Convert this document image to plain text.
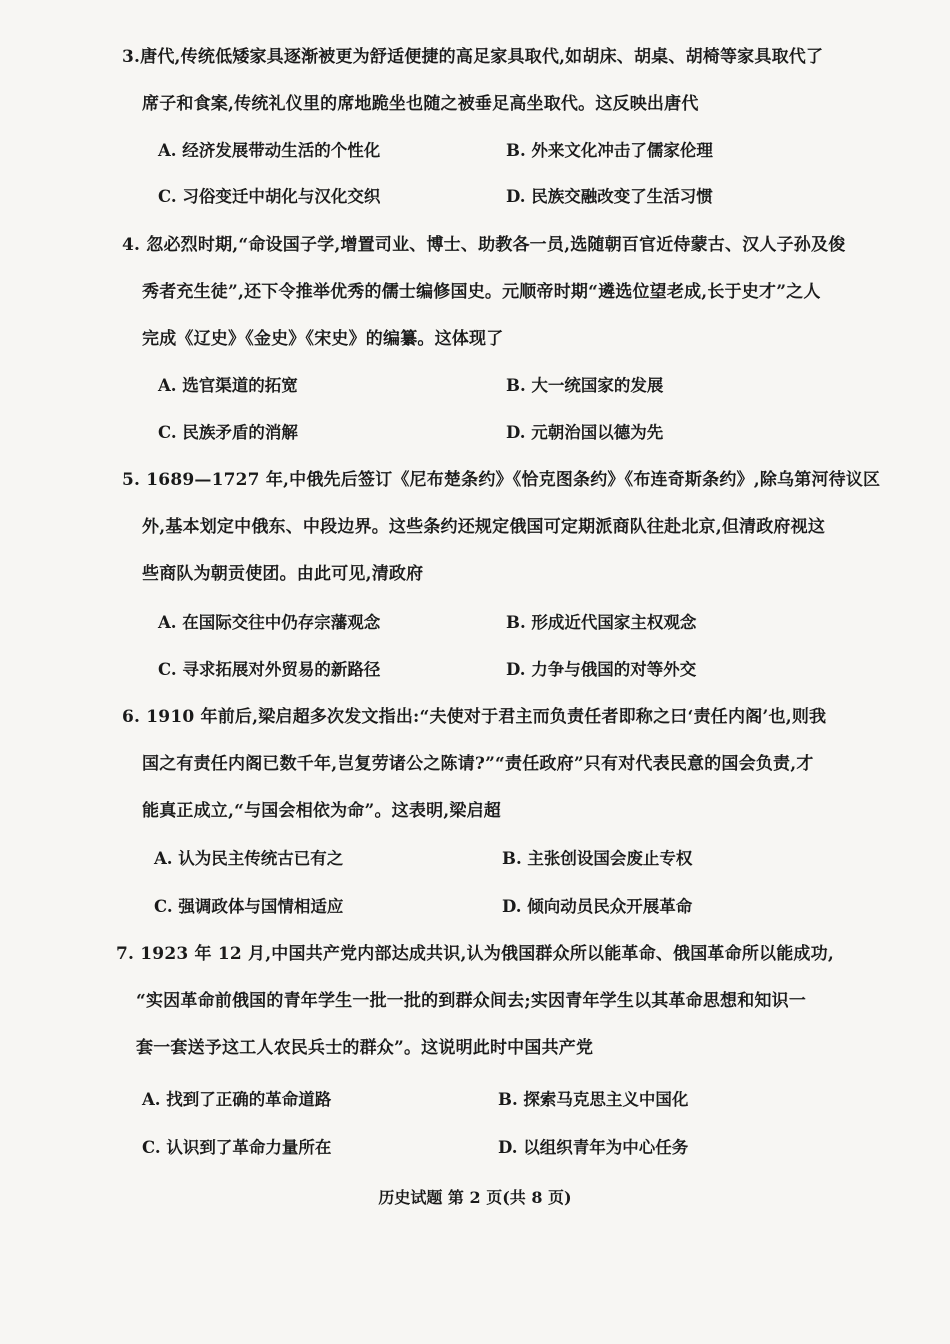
3.唐代,传统低矮家具逐渐被更为舒适便捷的高足家具取代,如胡床、胡桌、胡椅等家具取代了
席子和食案,传统礼仪里的席地跪坐也随之被垂足高坐取代。这反映出唐代
A. 经济发展带动生活的个性化	B. 外来文化冲击了儒家伦理
C. 习俗变迁中胡化与汉化交织	D. 民族交融改变了生活习惯
4. 忽必烈时期,“命设国子学,增置司业、博士、助教各一员,选随朝百官近侍蒙古、汉人子孙及俊
秀者充生徒”,还下令推举优秀的儒士编修国史。元顺帝时期“遴选位望老成,长于史才”之人
完成《辽史》《金史》《宋史》的编纂。这体现了
A. 选官渠道的拓宽	B. 大一统国家的发展
C. 民族矛盾的消解	D. 元朝治国以德为先
5. 1689—1727 年,中俄先后签订《尼布楚条约》《恰克图条约》《布连奇斯条约》,除乌第河待议区
外,基本划定中俄东、中段边界。这些条约还规定俄国可定期派商队往赴北京,但清政府视这
些商队为朝贡使团。由此可见,清政府
A. 在国际交往中仍存宗藩观念	B. 形成近代国家主权观念
C. 寻求拓展对外贸易的新路径	D. 力争与俄国的对等外交
6. 1910 年前后,梁启超多次发文指出:“夫使对于君主而负责任者即称之曰‘责任内阁’也,则我
国之有责任内阁已数千年,岂复劳诸公之陈请?”“责任政府”只有对代表民意的国会负责,才
能真正成立,“与国会相依为命”。这表明,梁启超
A. 认为民主传统古已有之	B. 主张创设国会废止专权
C. 强调政体与国情相适应	D. 倾向动员民众开展革命
7. 1923 年 12 月,中国共产党内部达成共识,认为俄国群众所以能革命、俄国革命所以能成功,
“实因革命前俄国的青年学生一批一批的到群众间去;实因青年学生以其革命思想和知识一
套一套送予这工人农民兵士的群众”。这说明此时中国共产党
A. 找到了正确的革命道路	B. 探索马克思主义中国化
C. 认识到了革命力量所在	D. 以组织青年为中心任务
历史试题 第 2 页(共 8 页)
